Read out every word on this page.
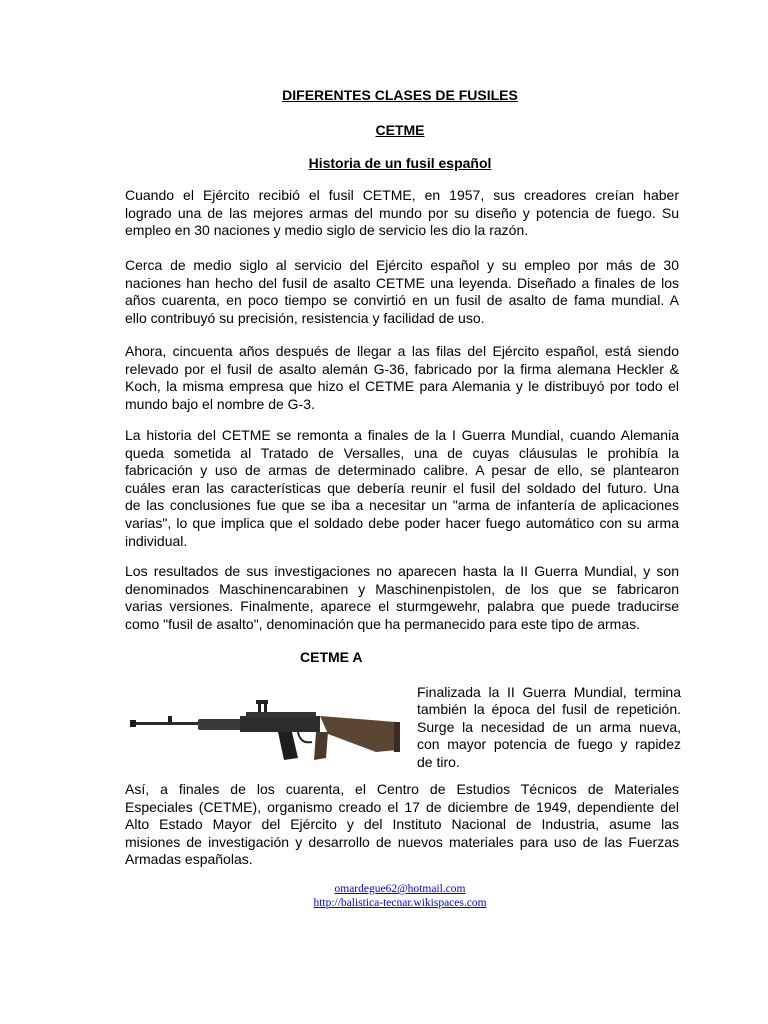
DIFERENTES CLASES DE FUSILES
CETME
Historia de un fusil español

Cuando el Ejército recibió el fusil CETME, en 1957, sus creadores creían haber
logrado una de las mejores armas del mundo por su diseño y potencia de fuego. Su
empleo en 30 naciones y medio siglo de servicio les dio la razón.

Cerca de medio siglo al servicio del Ejército español y su empleo por más de 30
naciones han hecho del fusil de asalto CETME una leyenda. Diseñado a finales de los
años cuarenta, en poco tiempo se convirtió en un fusil de asalto de fama mundial. A
ello contribuyó su precisión, resistencia y facilidad de uso.

Ahora, cincuenta años después de llegar a las filas del Ejército español, está siendo
relevado por el fusil de asalto alemán G-36, fabricado por la firma alemana Heckler &
Koch, la misma empresa que hizo el CETME para Alemania y le distribuyó por todo el
mundo bajo el nombre de G-3.

La historia del CETME se remonta a finales de la I Guerra Mundial, cuando Alemania
queda sometida al Tratado de Versalles, una de cuyas cláusulas le prohibía la
fabricación y uso de armas de determinado calibre. A pesar de ello, se plantearon
cuáles eran las características que debería reunir el fusil del soldado del futuro. Una
de las conclusiones fue que se iba a necesitar un "arma de infantería de aplicaciones
varias", lo que implica que el soldado debe poder hacer fuego automático con su arma
individual.

Los resultados de sus investigaciones no aparecen hasta la II Guerra Mundial, y son
denominados Maschinencarabinen y Maschinenpistolen, de los que se fabricaron
varias versiones. Finalmente, aparece el sturmgewehr, palabra que puede traducirse
como "fusil de asalto", denominación que ha permanecido para este tipo de armas.

CETME A

Finalizada la II Guerra Mundial, termina
también la época del fusil de repetición.
Surge la necesidad de un arma nueva,
con mayor potencia de fuego y rapidez
de tiro.

Así, a finales de los cuarenta, el Centro de Estudios Técnicos de Materiales
Especiales (CETME), organismo creado el 17 de diciembre de 1949, dependiente del
Alto Estado Mayor del Ejército y del Instituto Nacional de Industria, asume las
misiones de investigación y desarrollo de nuevos materiales para uso de las Fuerzas
Armadas españolas.

omardegue62@hotmail.com
http://balistica-tecnar.wikispaces.com
